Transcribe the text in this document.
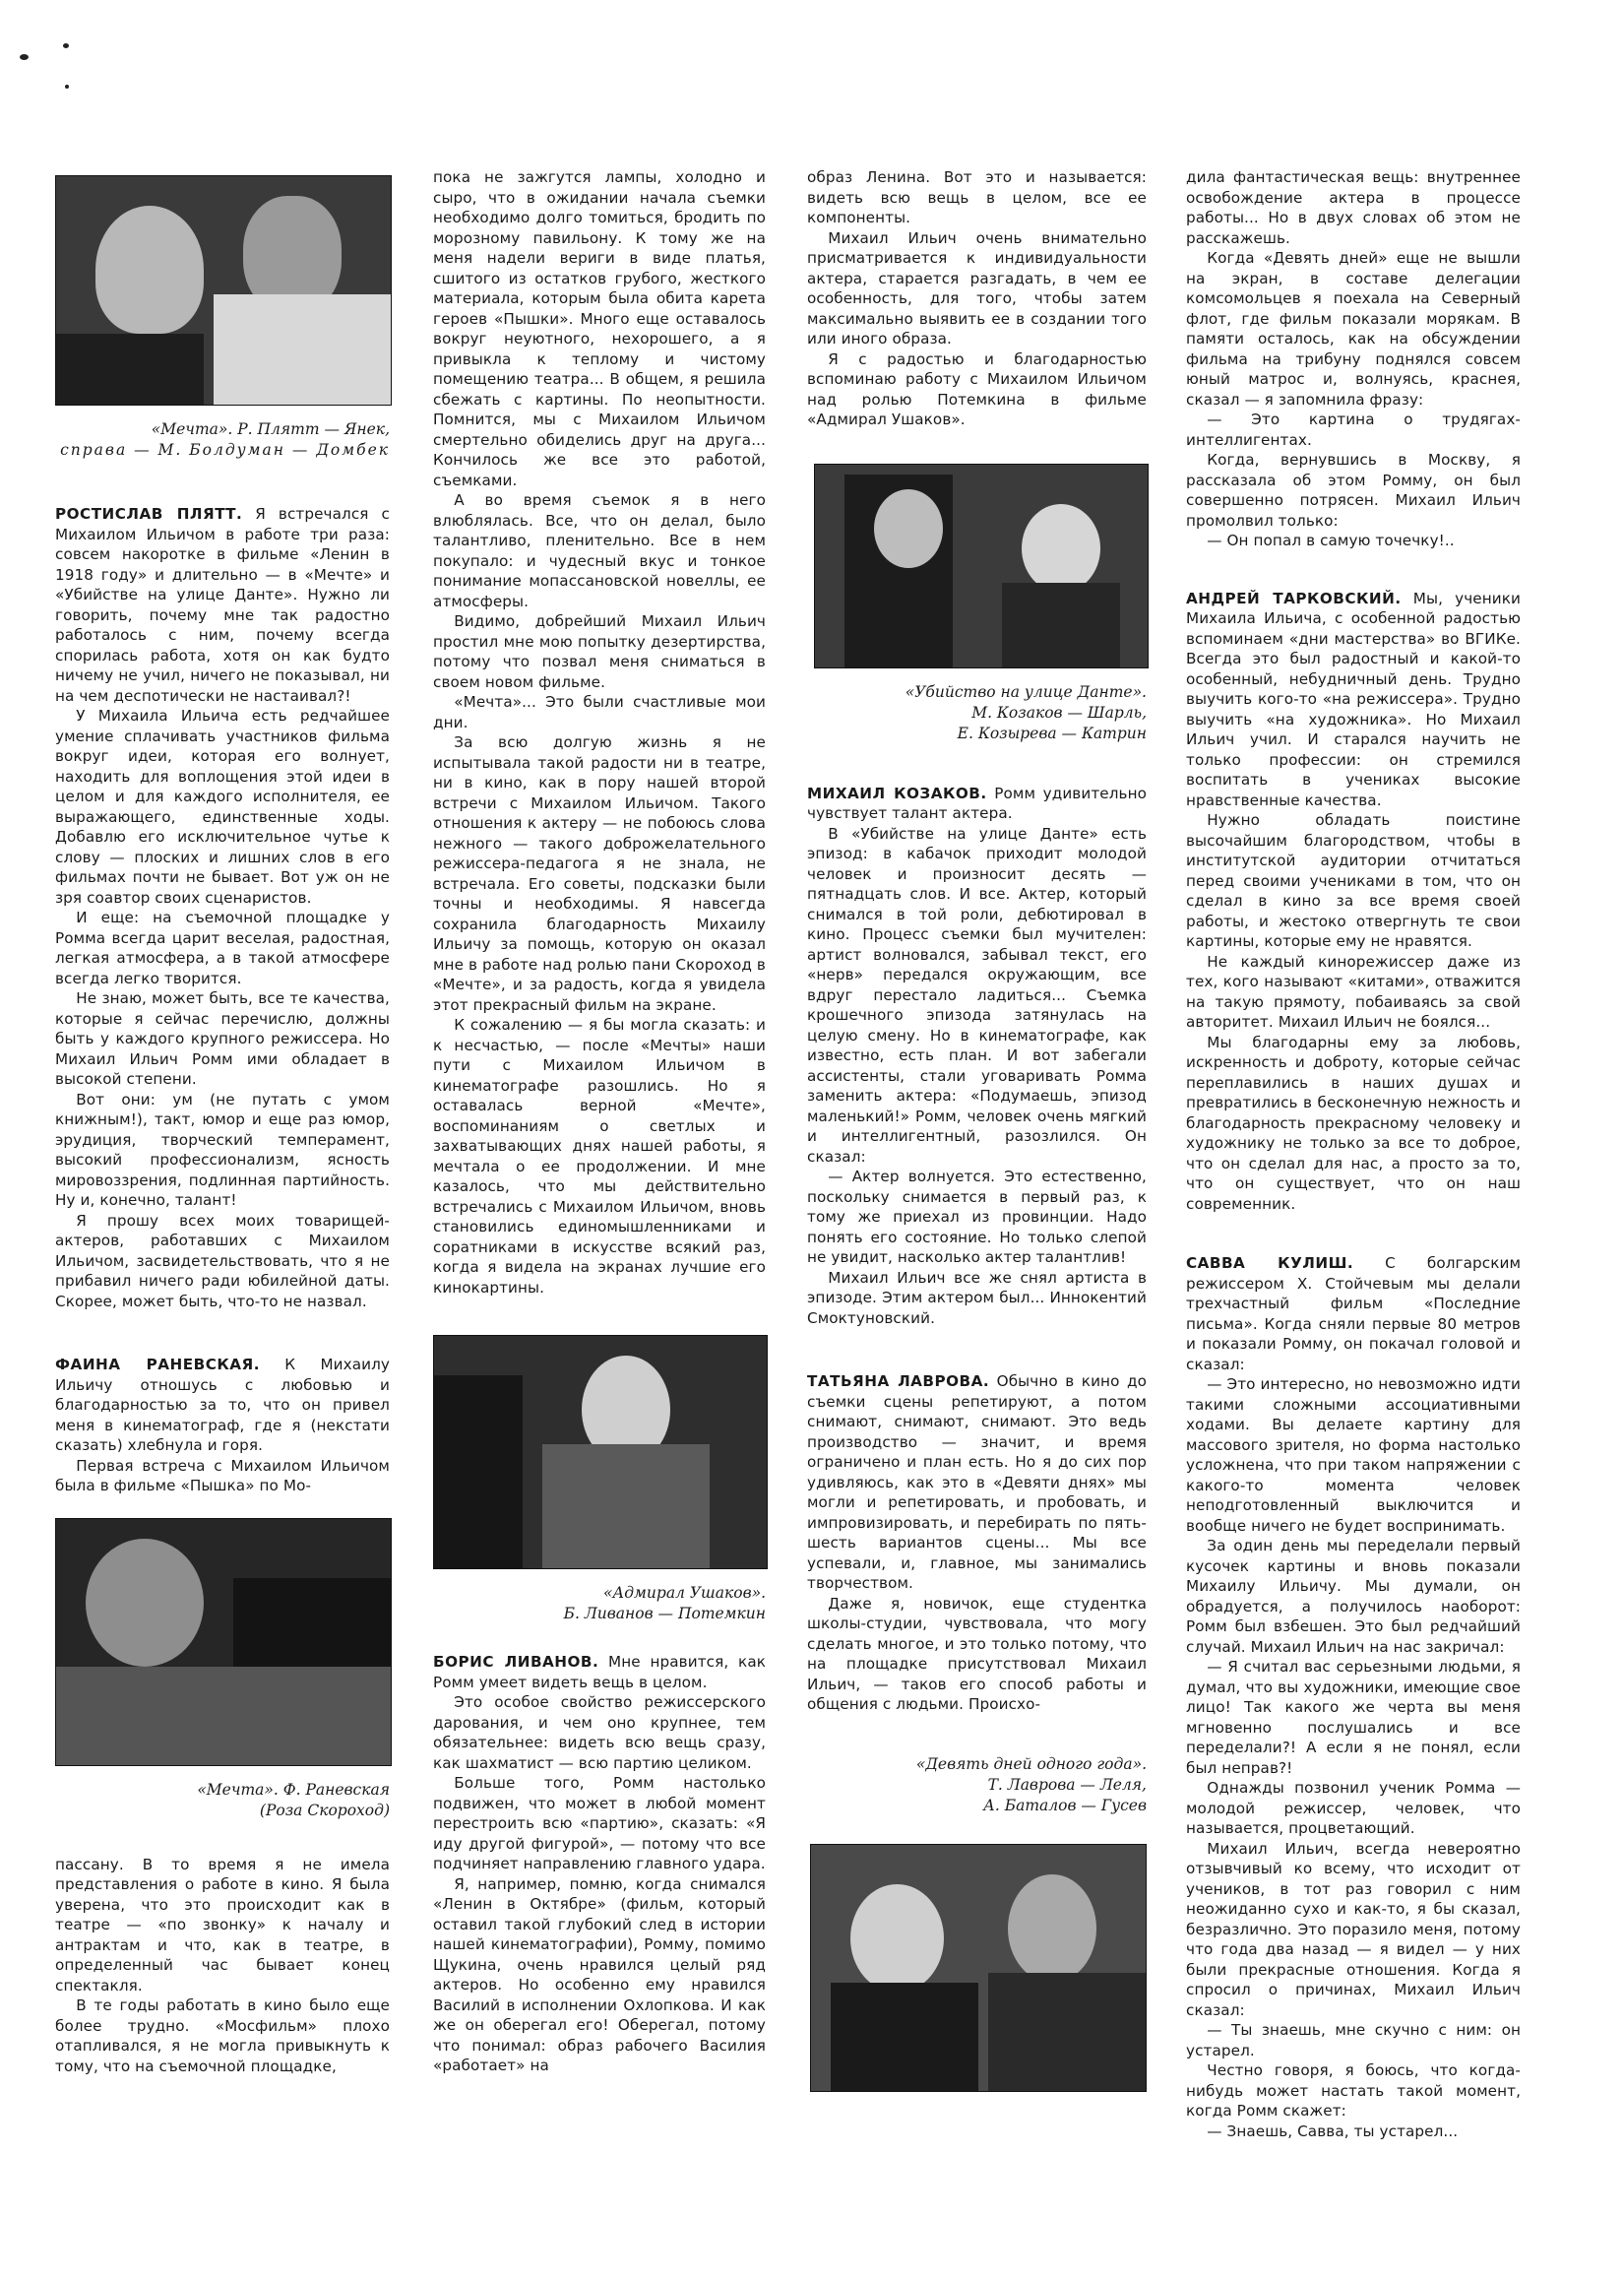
«Мечта». Р. Плятт — Янек,
справа — М. Болдуман — Домбек

РОСТИСЛАВ ПЛЯТТ. Я встречался с Михаилом Ильичом в работе три раза: совсем накоротке в фильме «Ленин в 1918 году» и длительно — в «Мечте» и «Убийстве на улице Данте». Нужно ли говорить, почему мне так радостно работалось с ним, почему всегда спорилась работа, хотя он как будто ничему не учил, ничего не показывал, ни на чем деспотически не настаивал?!

У Михаила Ильича есть редчайшее умение сплачивать участников фильма вокруг идеи, которая его волнует, находить для воплощения этой идеи в целом и для каждого исполнителя, ее выражающего, единственные ходы. Добавлю его исключительное чутье к слову — плоских и лишних слов в его фильмах почти не бывает. Вот уж он не зря соавтор своих сценаристов.

И еще: на съемочной площадке у Ромма всегда царит веселая, радостная, легкая атмосфера, а в такой атмосфере всегда легко творится.

Не знаю, может быть, все те качества, которые я сейчас перечислю, должны быть у каждого крупного режиссера. Но Михаил Ильич Ромм ими обладает в высокой степени.

Вот они: ум (не путать с умом книжным!), такт, юмор и еще раз юмор, эрудиция, творческий темперамент, высокий профессионализм, ясность мировоззрения, подлинная партийность. Ну и, конечно, талант!

Я прошу всех моих товарищей-актеров, работавших с Михаилом Ильичом, засвидетельствовать, что я не прибавил ничего ради юбилейной даты. Скорее, может быть, что-то не назвал.

ФАИНА РАНЕВСКАЯ. К Михаилу Ильичу отношусь с любовью и благодарностью за то, что он привел меня в кинематограф, где я (некстати сказать) хлебнула и горя.

Первая встреча с Михаилом Ильичом была в фильме «Пышка» по Мо-

«Мечта». Ф. Раневская
(Роза Скороход)

пассану. В то время я не имела представления о работе в кино. Я была уверена, что это происходит как в театре — «по звонку» к началу и антрактам и что, как в театре, в определенный час бывает конец спектакля.

В те годы работать в кино было еще более трудно. «Мосфильм» плохо отапливался, я не могла привыкнуть к тому, что на съемочной площадке,

пока не зажгутся лампы, холодно и сыро, что в ожидании начала съемки необходимо долго томиться, бродить по морозному павильону. К тому же на меня надели вериги в виде платья, сшитого из остатков грубого, жесткого материала, которым была обита карета героев «Пышки». Много еще оставалось вокруг неуютного, нехорошего, а я привыкла к теплому и чистому помещению театра... В общем, я решила сбежать с картины. По неопытности. Помнится, мы с Михаилом Ильичом смертельно обиделись друг на друга... Кончилось же все это работой, съемками.

А во время съемок я в него влюблялась. Все, что он делал, было талантливо, пленительно. Все в нем покупало: и чудесный вкус и тонкое понимание мопассановской новеллы, ее атмосферы.

Видимо, добрейший Михаил Ильич простил мне мою попытку дезертирства, потому что позвал меня сниматься в своем новом фильме.

«Мечта»... Это были счастливые мои дни.

За всю долгую жизнь я не испытывала такой радости ни в театре, ни в кино, как в пору нашей второй встречи с Михаилом Ильичом. Такого отношения к актеру — не побоюсь слова нежного — такого доброжелательного режиссера-педагога я не знала, не встречала. Его советы, подсказки были точны и необходимы. Я навсегда сохранила благодарность Михаилу Ильичу за помощь, которую он оказал мне в работе над ролью пани Скороход в «Мечте», и за радость, когда я увидела этот прекрасный фильм на экране.

К сожалению — я бы могла сказать: и к несчастью, — после «Мечты» наши пути с Михаилом Ильичом в кинематографе разошлись. Но я оставалась верной «Мечте», воспоминаниям о светлых и захватывающих днях нашей работы, я мечтала о ее продолжении. И мне казалось, что мы действительно встречались с Михаилом Ильичом, вновь становились единомышленниками и соратниками в искусстве всякий раз, когда я видела на экранах лучшие его кинокартины.

«Адмирал Ушаков».
Б. Ливанов — Потемкин

БОРИС ЛИВАНОВ. Мне нравится, как Ромм умеет видеть вещь в целом.

Это особое свойство режиссерского дарования, и чем оно крупнее, тем обязательнее: видеть всю вещь сразу, как шахматист — всю партию целиком.

Больше того, Ромм настолько подвижен, что может в любой момент перестроить всю «партию», сказать: «Я иду другой фигурой», — потому что все подчиняет направлению главного удара.

Я, например, помню, когда снимался «Ленин в Октябре» (фильм, который оставил такой глубокий след в истории нашей кинематографии), Ромму, помимо Щукина, очень нравился целый ряд актеров. Но особенно ему нравился Василий в исполнении Охлопкова. И как же он оберегал его! Оберегал, потому что понимал: образ рабочего Василия «работает» на

образ Ленина. Вот это и называется: видеть всю вещь в целом, все ее компоненты.

Михаил Ильич очень внимательно присматривается к индивидуальности актера, старается разгадать, в чем ее особенность, для того, чтобы затем максимально выявить ее в создании того или иного образа.

Я с радостью и благодарностью вспоминаю работу с Михаилом Ильичом над ролью Потемкина в фильме «Адмирал Ушаков».

«Убийство на улице Данте».
М. Козаков — Шарль,
Е. Козырева — Катрин

МИХАИЛ КОЗАКОВ. Ромм удивительно чувствует талант актера.

В «Убийстве на улице Данте» есть эпизод: в кабачок приходит молодой человек и произносит десять — пятнадцать слов. И все. Актер, который снимался в той роли, дебютировал в кино. Процесс съемки был мучителен: артист волновался, забывал текст, его «нерв» передался окружающим, все вдруг перестало ладиться... Съемка крошечного эпизода затянулась на целую смену. Но в кинематографе, как известно, есть план. И вот забегали ассистенты, стали уговаривать Ромма заменить актера: «Подумаешь, эпизод маленький!» Ромм, человек очень мягкий и интеллигентный, разозлился. Он сказал:

— Актер волнуется. Это естественно, поскольку снимается в первый раз, к тому же приехал из провинции. Надо понять его состояние. Но только слепой не увидит, насколько актер талантлив!

Михаил Ильич все же снял артиста в эпизоде. Этим актером был... Иннокентий Смоктуновский.

ТАТЬЯНА ЛАВРОВА. Обычно в кино до съемки сцены репетируют, а потом снимают, снимают, снимают. Это ведь производство — значит, и время ограничено и план есть. Но я до сих пор удивляюсь, как это в «Девяти днях» мы могли и репетировать, и пробовать, и импровизировать, и перебирать по пять-шесть вариантов сцены... Мы все успевали, и, главное, мы занимались творчеством.

Даже я, новичок, еще студентка школы-студии, чувствовала, что могу сделать многое, и это только потому, что на площадке присутствовал Михаил Ильич, — таков его способ работы и общения с людьми. Происхо-

«Девять дней одного года».
Т. Лаврова — Леля,
А. Баталов — Гусев

дила фантастическая вещь: внутреннее освобождение актера в процессе работы... Но в двух словах об этом не расскажешь.

Когда «Девять дней» еще не вышли на экран, в составе делегации комсомольцев я поехала на Северный флот, где фильм показали морякам. В памяти осталось, как на обсуждении фильма на трибуну поднялся совсем юный матрос и, волнуясь, краснея, сказал — я запомнила фразу:

— Это картина о трудягах-интеллигентах.

Когда, вернувшись в Москву, я рассказала об этом Ромму, он был совершенно потрясен. Михаил Ильич промолвил только:

— Он попал в самую точечку!..

АНДРЕЙ ТАРКОВСКИЙ. Мы, ученики Михаила Ильича, с особенной радостью вспоминаем «дни мастерства» во ВГИКе. Всегда это был радостный и какой-то особенный, небудничный день. Трудно выучить кого-то «на режиссера». Трудно выучить «на художника». Но Михаил Ильич учил. И старался научить не только профессии: он стремился воспитать в учениках высокие нравственные качества.

Нужно обладать поистине высочайшим благородством, чтобы в институтской аудитории отчитаться перед своими учениками в том, что он сделал в кино за все время своей работы, и жестоко отвергнуть те свои картины, которые ему не нравятся.

Не каждый кинорежиссер даже из тех, кого называют «китами», отважится на такую прямоту, побаиваясь за свой авторитет. Михаил Ильич не боялся...

Мы благодарны ему за любовь, искренность и доброту, которые сейчас переплавились в наших душах и превратились в бесконечную нежность и благодарность прекрасному человеку и художнику не только за все то доброе, что он сделал для нас, а просто за то, что он существует, что он наш современник.

САВВА КУЛИШ. С болгарским режиссером Х. Стойчевым мы делали трехчастный фильм «Последние письма». Когда сняли первые 80 метров и показали Ромму, он покачал головой и сказал:

— Это интересно, но невозможно идти такими сложными ассоциативными ходами. Вы делаете картину для массового зрителя, но форма настолько усложнена, что при таком напряжении с какого-то момента человек неподготовленный выключится и вообще ничего не будет воспринимать.

За один день мы переделали первый кусочек картины и вновь показали Михаилу Ильичу. Мы думали, он обрадуется, а получилось наоборот: Ромм был взбешен. Это был редчайший случай. Михаил Ильич на нас закричал:

— Я считал вас серьезными людьми, я думал, что вы художники, имеющие свое лицо! Так какого же черта вы меня мгновенно послушались и все переделали?! А если я не понял, если был неправ?!

Однажды позвонил ученик Ромма — молодой режиссер, человек, что называется, процветающий.

Михаил Ильич, всегда невероятно отзывчивый ко всему, что исходит от учеников, в тот раз говорил с ним неожиданно сухо и как-то, я бы сказал, безразлично. Это поразило меня, потому что года два назад — я видел — у них были прекрасные отношения. Когда я спросил о причинах, Михаил Ильич сказал:

— Ты знаешь, мне скучно с ним: он устарел.

Честно говоря, я боюсь, что когда-нибудь может настать такой момент, когда Ромм скажет:

— Знаешь, Савва, ты устарел...
